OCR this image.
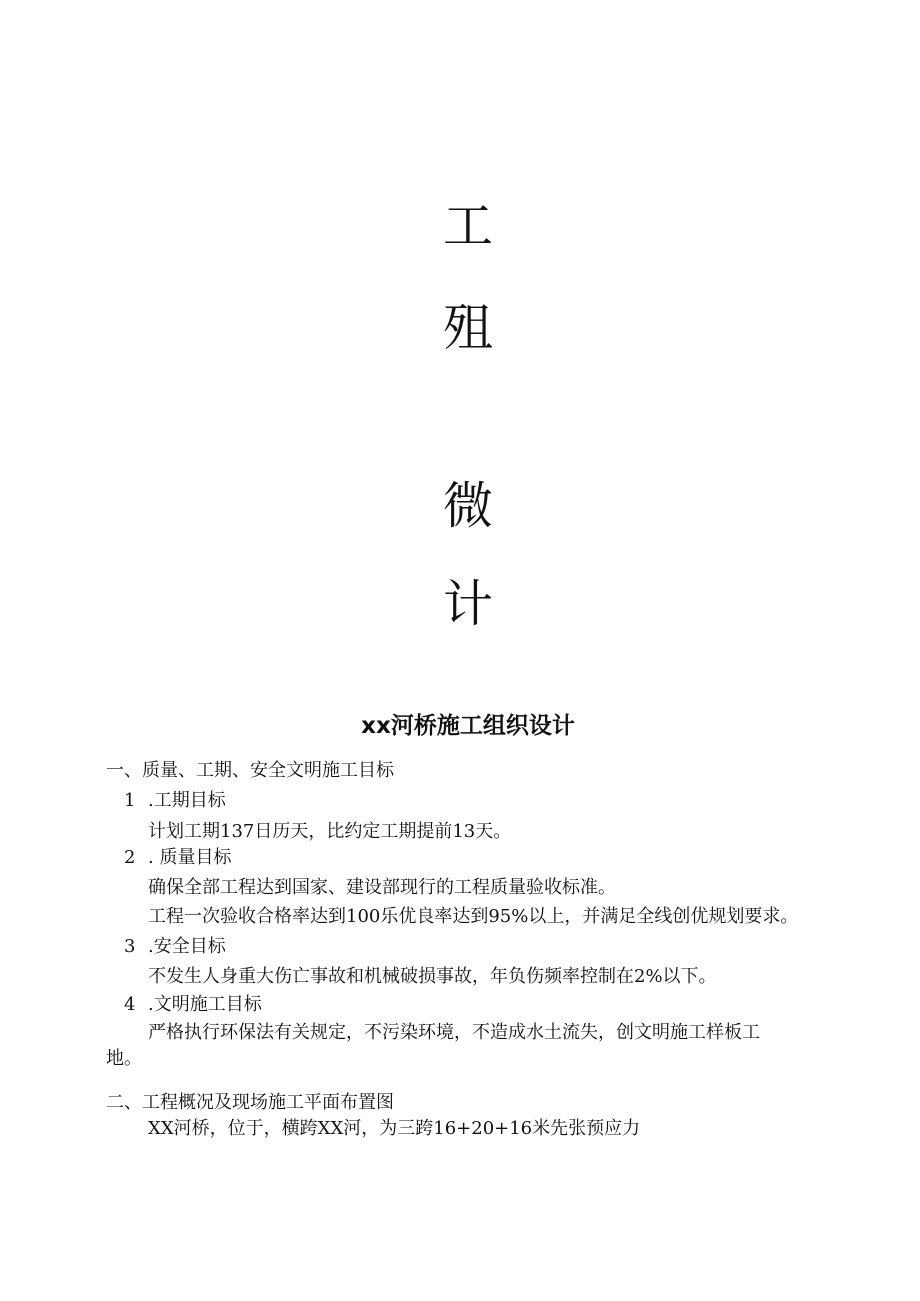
工
殂
微
计
xx河桥施工组织设计
一、质量、工期、安全文明施工目标
1 .工期目标
计划工期137日历天，比约定工期提前13天。
2 . 质量目标
确保全部工程达到国家、建设部现行的工程质量验收标准。
工程一次验收合格率达到100乐优良率达到95%以上，并满足全线创优规划要求。
3 .安全目标
不发生人身重大伤亡事故和机械破损事故，年负伤频率控制在2%以下。
4 .文明施工目标
严格执行环保法有关规定，不污染环境，不造成水土流失，创文明施工样板工
地。
二、工程概况及现场施工平面布置图
XX河桥，位于，横跨XX河，为三跨16+20+16米先张预应力
